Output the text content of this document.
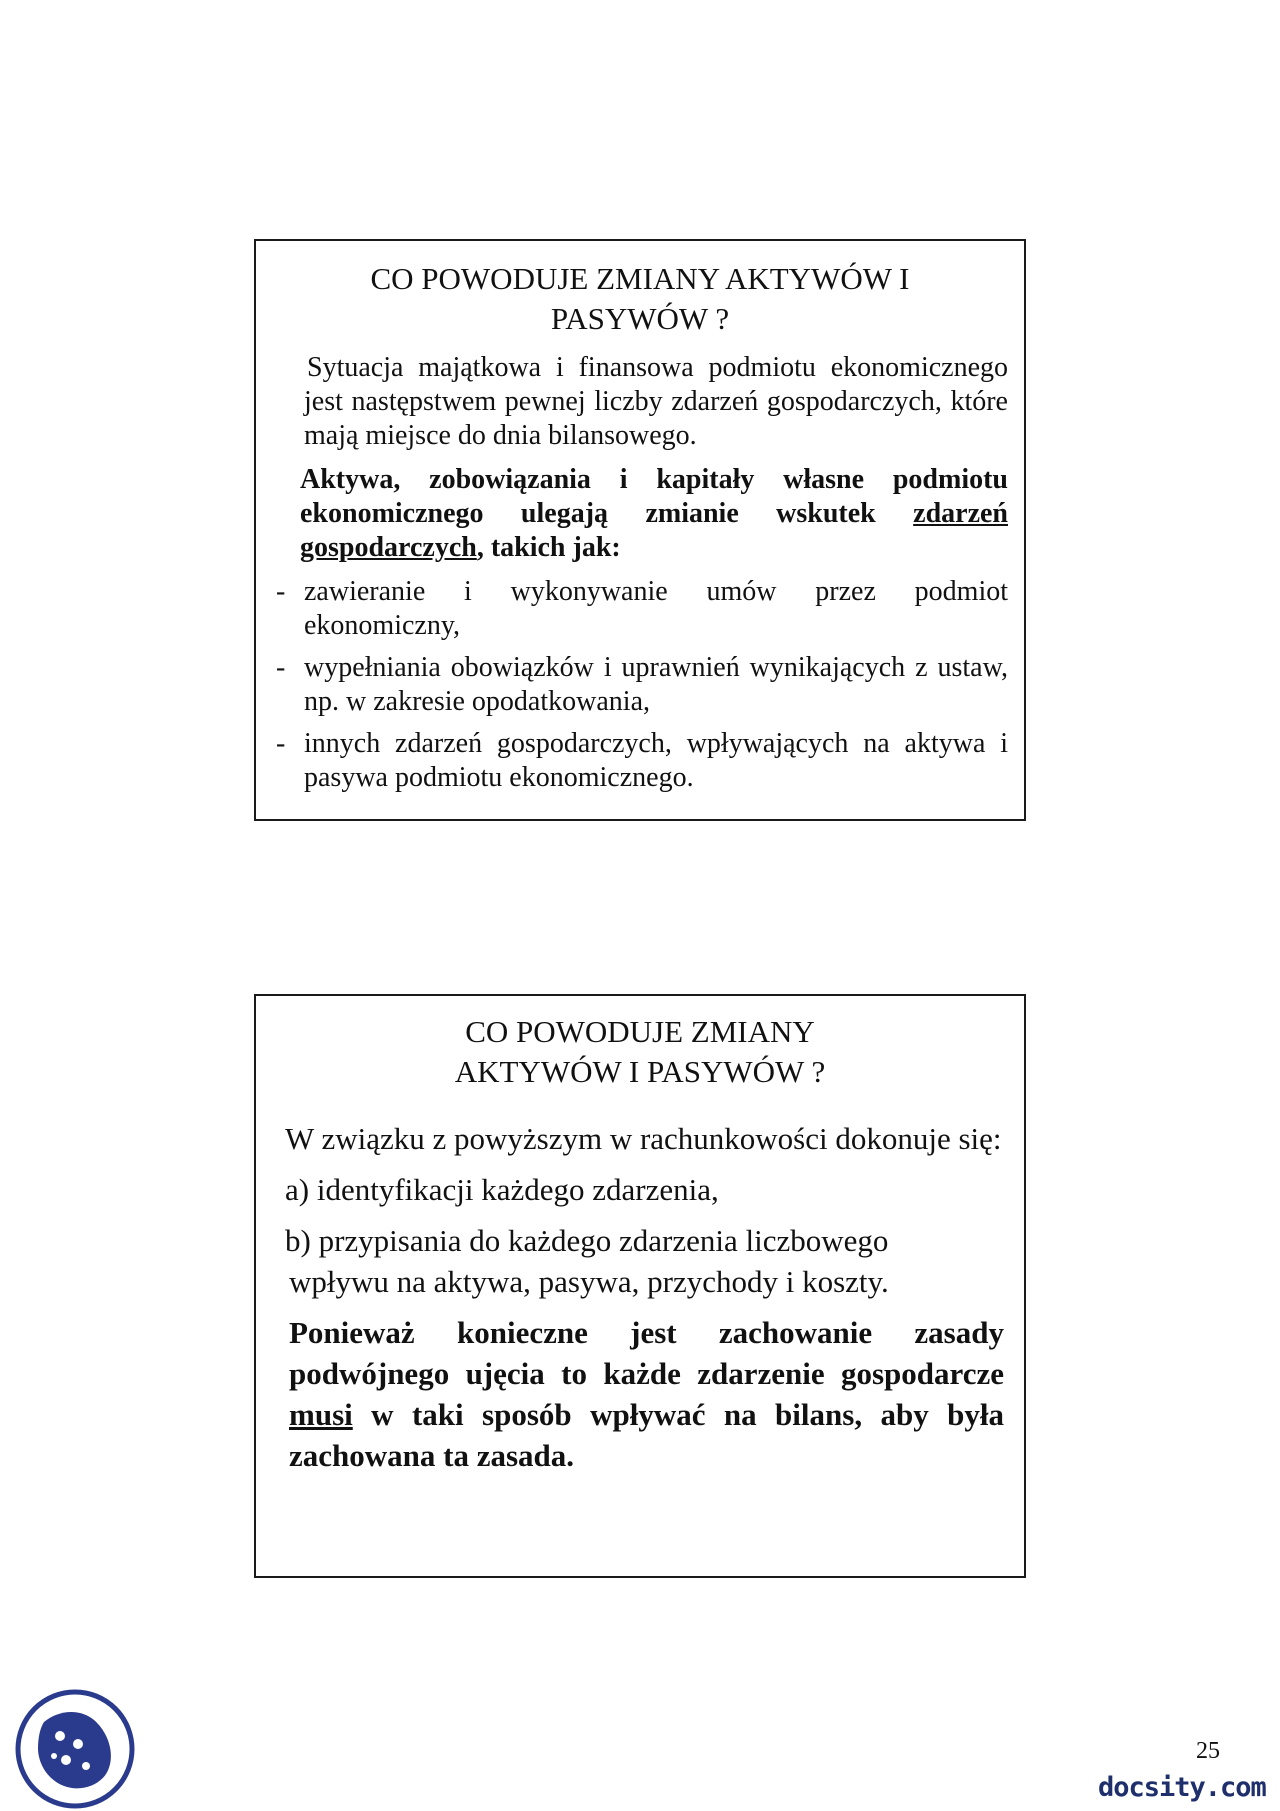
CO POWODUJE ZMIANY AKTYWÓW I
PASYWÓW ?
Sytuacja majątkowa i finansowa podmiotu ekonomicznego jest następstwem pewnej liczby zdarzeń gospodarczych, które mają miejsce do dnia bilansowego.
Aktywa, zobowiązania i kapitały własne podmiotu ekonomicznego ulegają zmianie wskutek zdarzeń gospodarczych, takich jak:
- zawieranie i wykonywanie umów przez podmiot ekonomiczny,
- wypełniania obowiązków i uprawnień wynikających z ustaw, np. w zakresie opodatkowania,
- innych zdarzeń gospodarczych, wpływających na aktywa i pasywa podmiotu ekonomicznego.
CO POWODUJE ZMIANY
AKTYWÓW I PASYWÓW ?
W związku z powyższym w rachunkowości dokonuje się:
a) identyfikacji każdego zdarzenia,
b) przypisania do każdego zdarzenia liczbowego
wpływu na aktywa, pasywa, przychody i koszty.
Ponieważ konieczne jest zachowanie zasady podwójnego ujęcia to każde zdarzenie gospodarcze musi w taki sposób wpływać na bilans, aby była zachowana ta zasada.
25
docsity.com
